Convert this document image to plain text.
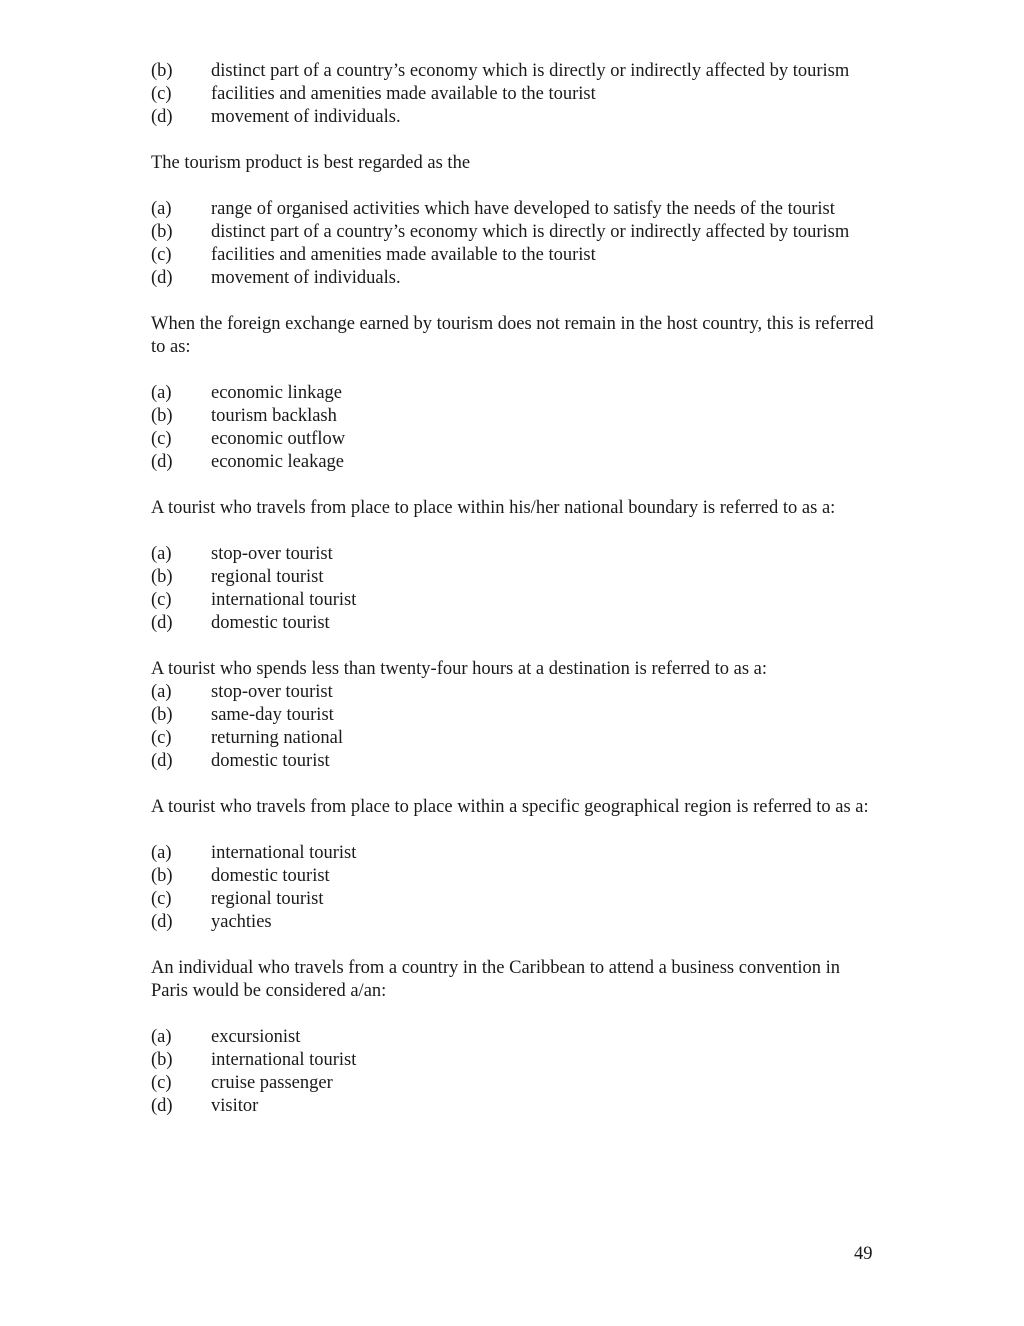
(b)	distinct part of a country’s economy which is directly or indirectly affected by tourism
(c)	facilities and amenities made available to the tourist
(d)	movement of individuals.

The tourism product is best regarded as the

(a)	range of organised activities which have developed to satisfy the needs of the tourist
(b)	distinct part of a country’s economy which is directly or indirectly affected by tourism
(c)	facilities and amenities made available to the tourist
(d)	movement of individuals.

When the foreign exchange earned by tourism does not remain in the host country, this is referred to as:

(a)	economic linkage
(b)	tourism backlash
(c)	economic outflow
(d)	economic leakage

A tourist who travels from place to place within his/her national boundary is referred to as a:

(a)	stop-over tourist
(b)	regional tourist
(c)	international tourist
(d)	domestic tourist

A tourist who spends less than twenty-four hours at a destination is referred to as a:

(a)	stop-over tourist
(b)	same-day tourist
(c)	returning national
(d)	domestic tourist

A tourist who travels from place to place within a specific geographical region is referred to as a:

(a)	international tourist
(b)	domestic tourist
(c)	regional tourist
(d)	yachties

An individual who travels from a country in the Caribbean to attend a business convention in Paris would be considered a/an:

(a)	excursionist
(b)	international tourist
(c)	cruise passenger
(d)	visitor
49
